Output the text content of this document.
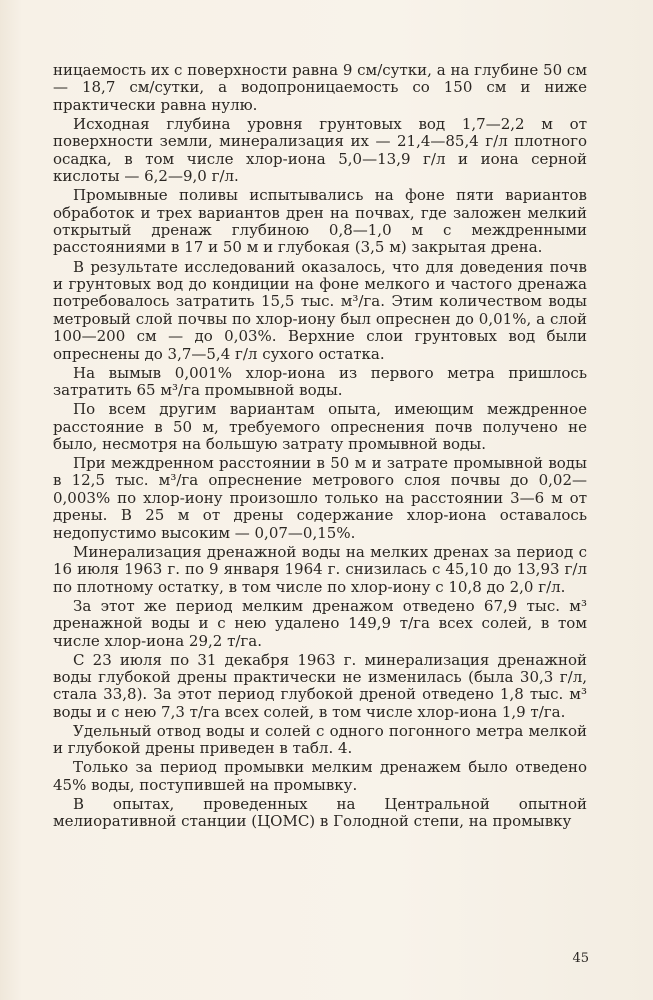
ницаемость их с поверхности равна 9 см/сутки, а на глубине 50 см — 18,7 см/сутки, а водопроницаемость со 150 см и ниже практически равна нулю.

Исходная глубина уровня грунтовых вод 1,7—2,2 м от поверхности земли, минерализация их — 21,4—85,4 г/л плотного осадка, в том числе хлор-иона 5,0—13,9 г/л и иона серной кислоты — 6,2—9,0 г/л.

Промывные поливы испытывались на фоне пяти вариантов обработок и трех вариантов дрен на почвах, где заложен мелкий открытый дренаж глубиною 0,8—1,0 м с междренными расстояниями в 17 и 50 м и глубокая (3,5 м) закрытая дрена.

В результате исследований оказалось, что для доведения почв и грунтовых вод до кондиции на фоне мелкого и частого дренажа потребовалось затратить 15,5 тыс. м³/га. Этим количеством воды метровый слой почвы по хлор-иону был опреснен до 0,01%, а слой 100—200 см — до 0,03%. Верхние слои грунтовых вод были опреснены до 3,7—5,4 г/л сухого остатка.

На вымыв 0,001% хлор-иона из первого метра пришлось затратить 65 м³/га промывной воды.

По всем другим вариантам опыта, имеющим междренное расстояние в 50 м, требуемого опреснения почв получено не было, несмотря на большую затрату промывной воды.

При междренном расстоянии в 50 м и затрате промывной воды в 12,5 тыс. м³/га опреснение метрового слоя почвы до 0,02—0,003% по хлор-иону произошло только на расстоянии 3—6 м от дрены. В 25 м от дрены содержание хлор-иона оставалось недопустимо высоким — 0,07—0,15%.

Минерализация дренажной воды на мелких дренах за период с 16 июля 1963 г. по 9 января 1964 г. снизилась с 45,10 до 13,93 г/л по плотному остатку, в том числе по хлор-иону с 10,8 до 2,0 г/л.

За этот же период мелким дренажом отведено 67,9 тыс. м³ дренажной воды и с нею удалено 149,9 т/га всех солей, в том числе хлор-иона 29,2 т/га.

С 23 июля по 31 декабря 1963 г. минерализация дренажной воды глубокой дрены практически не изменилась (была 30,3 г/л, стала 33,8). За этот период глубокой дреной отведено 1,8 тыс. м³ воды и с нею 7,3 т/га всех солей, в том числе хлор-иона 1,9 т/га.

Удельный отвод воды и солей с одного погонного метра мелкой и глубокой дрены приведен в табл. 4.

Только за период промывки мелким дренажем было отведено 45% воды, поступившей на промывку.

В опытах, проведенных на Центральной опытной мелиоративной станции (ЦОМС) в Голодной степи, на промывку

45
